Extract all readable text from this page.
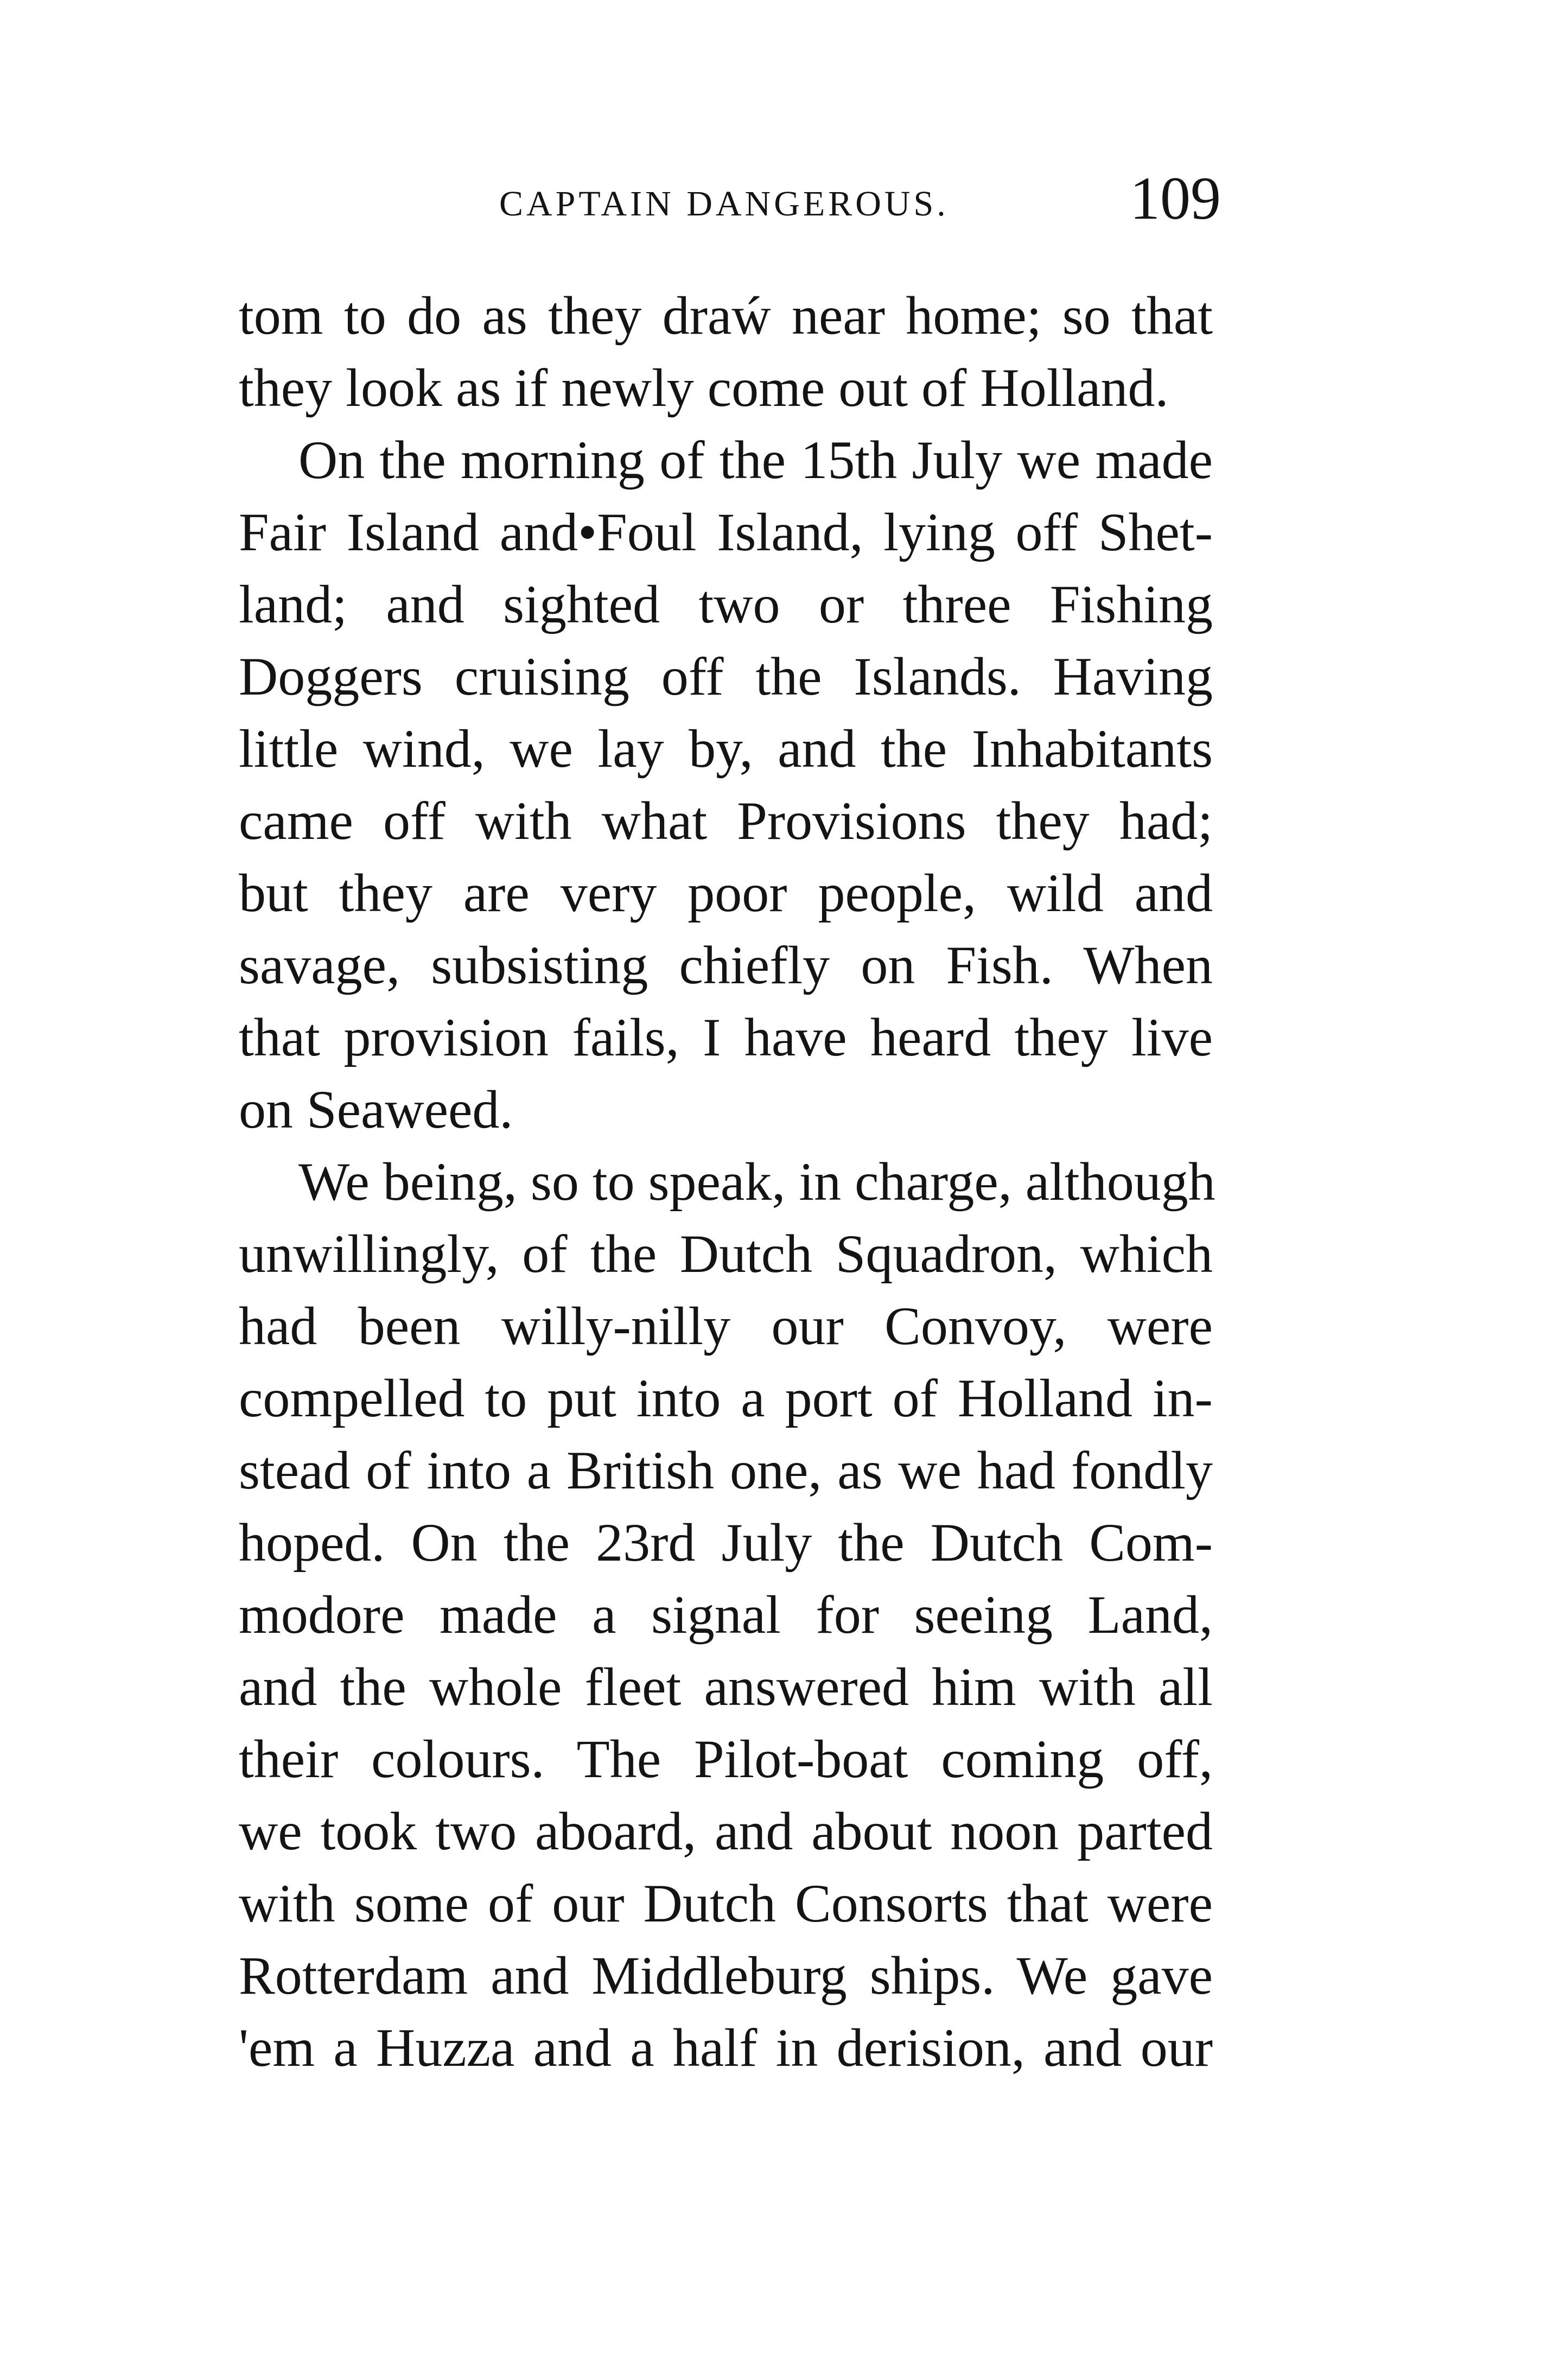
CAPTAIN DANGEROUS.	109
tom to do as they draẃ near home; so that
they look as if newly come out of Holland.
On the morning of the 15th July we made
Fair Island and•Foul Island, lying off Shet-
land; and sighted two or three Fishing
Doggers cruising off the Islands. Having
little wind, we lay by, and the Inhabitants
came off with what Provisions they had;
but they are very poor people, wild and
savage, subsisting chiefly on Fish. When
that provision fails, I have heard they live
on Seaweed.
We being, so to speak, in charge, although
unwillingly, of the Dutch Squadron, which
had been willy-nilly our Convoy, were
compelled to put into a port of Holland in-
stead of into a British one, as we had fondly
hoped. On the 23rd July the Dutch Com-
modore made a signal for seeing Land,
and the whole fleet answered him with all
their colours. The Pilot-boat coming off,
we took two aboard, and about noon parted
with some of our Dutch Consorts that were
Rotterdam and Middleburg ships. We gave
'em a Huzza and a half in derision, and our
